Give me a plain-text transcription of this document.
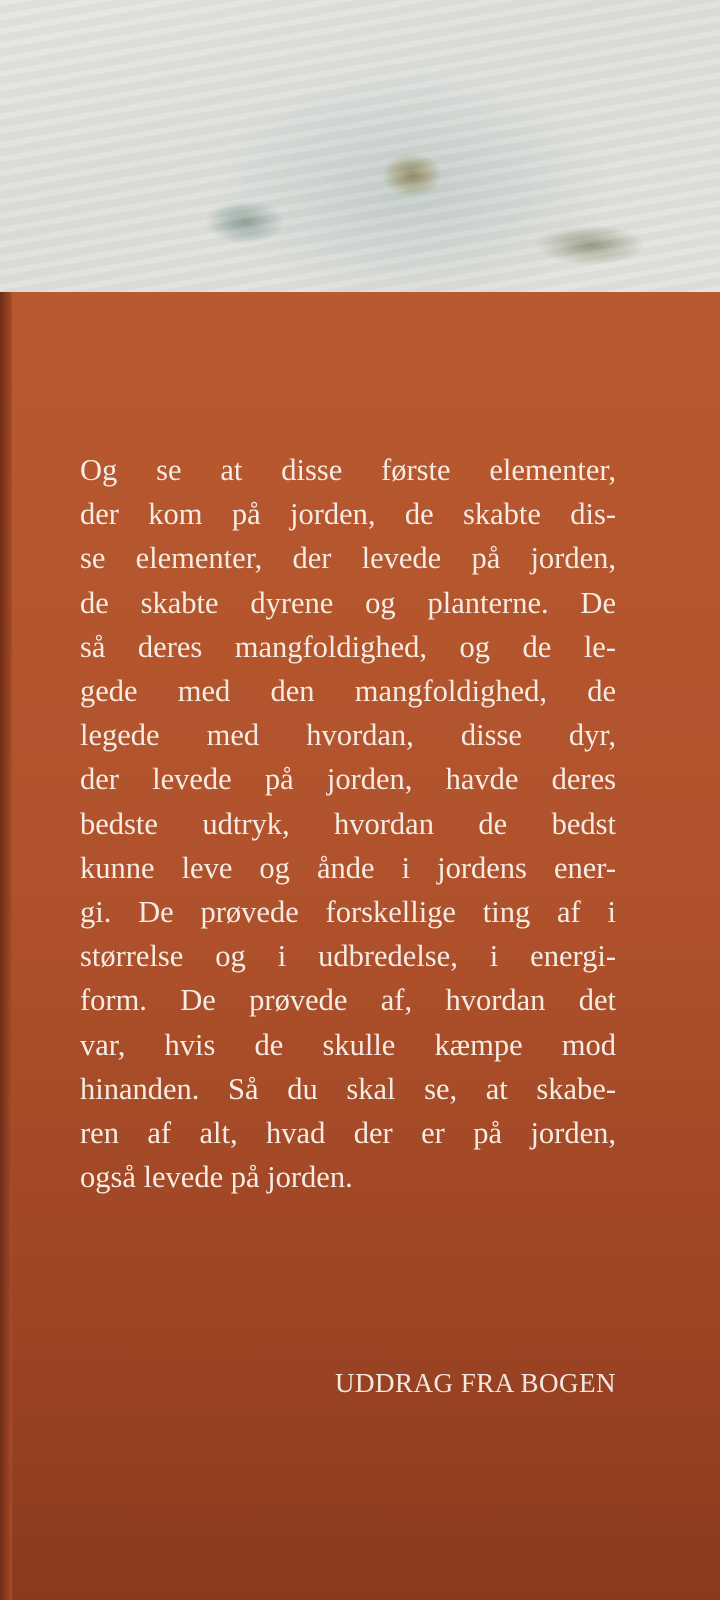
Og se at disse første elementer,
der kom på jorden, de skabte dis-
se elementer, der levede på jorden,
de skabte dyrene og planterne. De
så deres mangfoldighed, og de le-
gede med den mangfoldighed, de
legede med hvordan, disse dyr,
der levede på jorden, havde deres
bedste udtryk, hvordan de bedst
kunne leve og ånde i jordens ener-
gi. De prøvede forskellige ting af i
størrelse og i udbredelse, i energi-
form. De prøvede af, hvordan det
var, hvis de skulle kæmpe mod
hinanden. Så du skal se, at skabe-
ren af alt, hvad der er på jorden,
også levede på jorden.
UDDRAG FRA BOGEN
